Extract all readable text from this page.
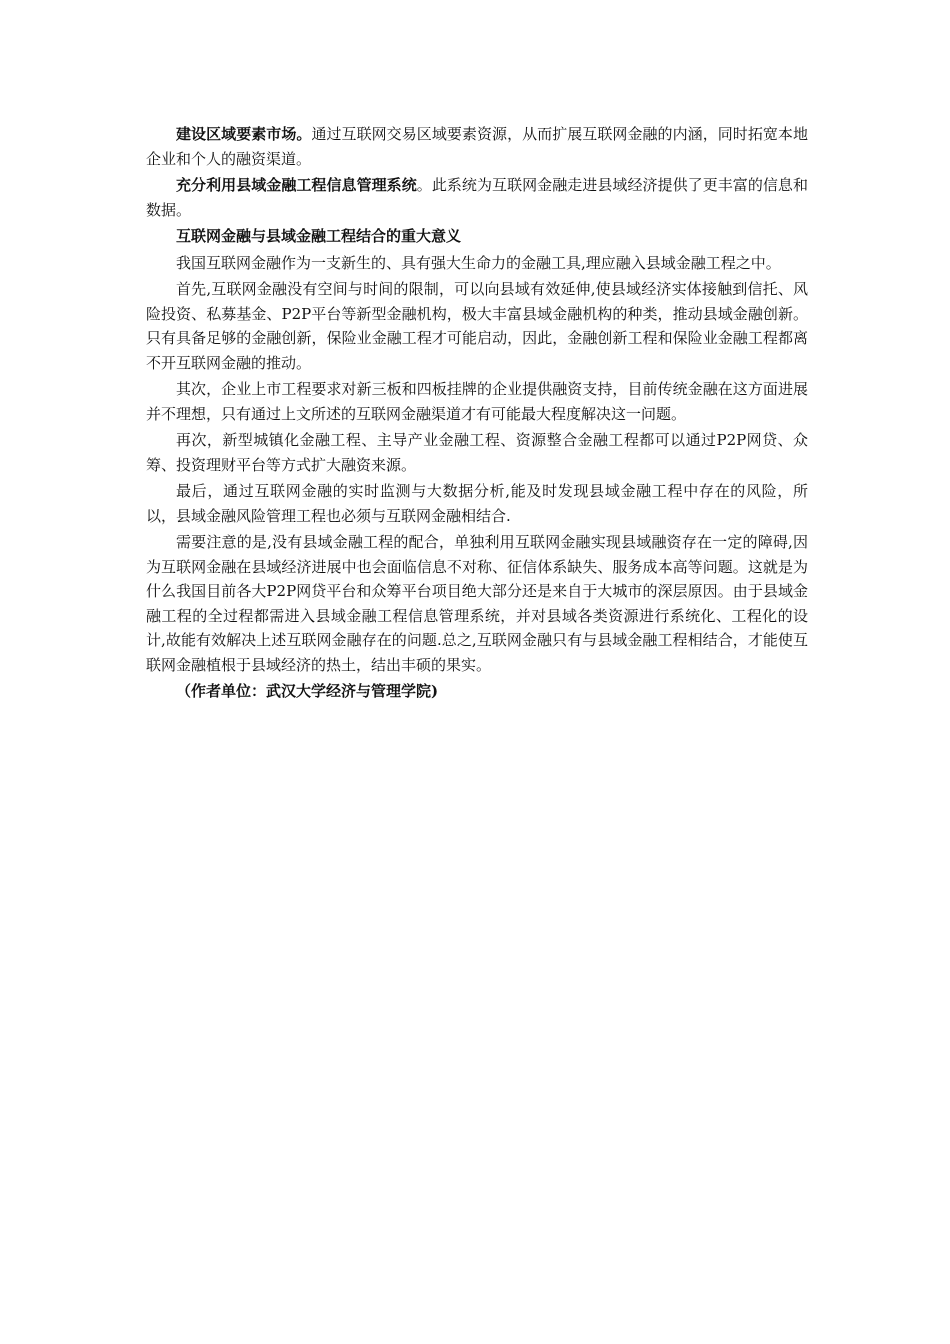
建设区域要素市场。通过互联网交易区域要素资源，从而扩展互联网金融的内涵，同时拓宽本地企业和个人的融资渠道。

充分利用县域金融工程信息管理系统。此系统为互联网金融走进县域经济提供了更丰富的信息和数据。

互联网金融与县域金融工程结合的重大意义

我国互联网金融作为一支新生的、具有强大生命力的金融工具,理应融入县域金融工程之中。

首先,互联网金融没有空间与时间的限制，可以向县域有效延伸,使县域经济实体接触到信托、风险投资、私募基金、P2P平台等新型金融机构，极大丰富县域金融机构的种类，推动县域金融创新。只有具备足够的金融创新，保险业金融工程才可能启动，因此，金融创新工程和保险业金融工程都离不开互联网金融的推动。

其次，企业上市工程要求对新三板和四板挂牌的企业提供融资支持，目前传统金融在这方面进展并不理想，只有通过上文所述的互联网金融渠道才有可能最大程度解决这一问题。

再次，新型城镇化金融工程、主导产业金融工程、资源整合金融工程都可以通过P2P网贷、众筹、投资理财平台等方式扩大融资来源。

最后，通过互联网金融的实时监测与大数据分析,能及时发现县域金融工程中存在的风险，所以，县域金融风险管理工程也必须与互联网金融相结合.

需要注意的是,没有县域金融工程的配合，单独利用互联网金融实现县域融资存在一定的障碍,因为互联网金融在县域经济进展中也会面临信息不对称、征信体系缺失、服务成本高等问题。这就是为什么我国目前各大P2P网贷平台和众筹平台项目绝大部分还是来自于大城市的深层原因。由于县域金融工程的全过程都需进入县域金融工程信息管理系统，并对县域各类资源进行系统化、工程化的设计,故能有效解决上述互联网金融存在的问题.总之,互联网金融只有与县域金融工程相结合，才能使互联网金融植根于县域经济的热土，结出丰硕的果实。

（作者单位：武汉大学经济与管理学院)
